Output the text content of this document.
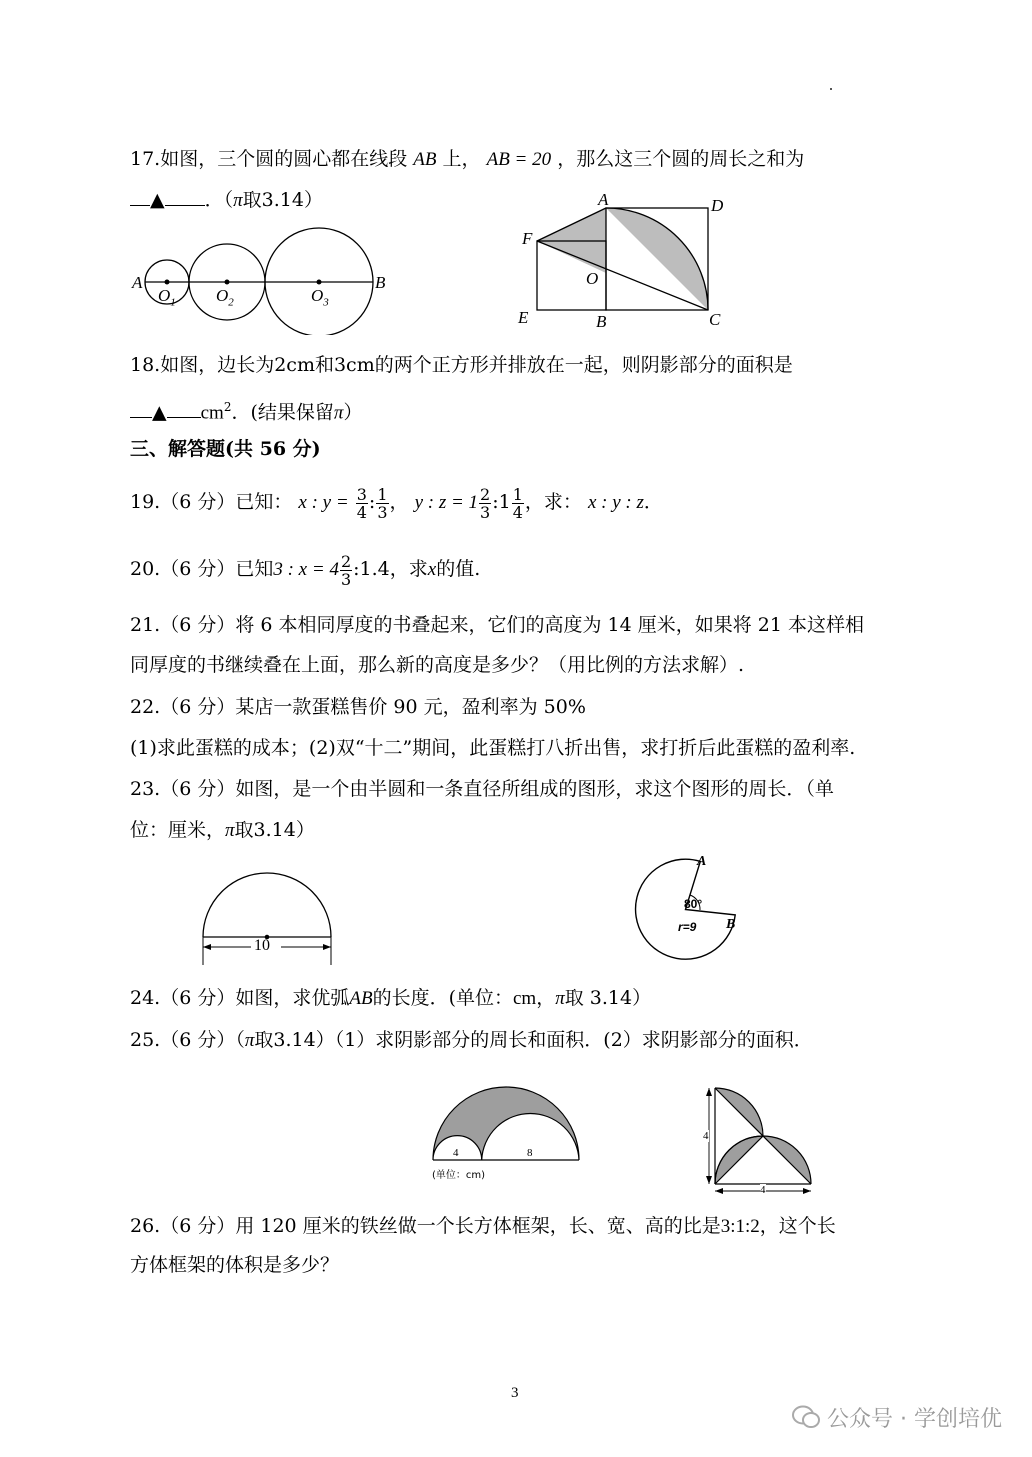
17.如图，三个圆的圆心都在线段 AB 上， AB = 20 ，那么这三个圆的周长之和为
▲ ．（π取3.14）
A	B
$O_1$ $O_2$	$O_3$
A	D
F
O
E	B	C
18.如图，边长为2cm和3cm的两个正方形并排放在一起，则阴影部分的面积是
▲ $cm^2$．(结果保留π）
三、解答题(共 56 分)
19.（6 分）已知： x : $y = \frac{3}{4}$ : $\frac{1}{3}$ ， y : $z = 1 \frac{2}{3}$ :1 $\frac{1}{4}$ ，求： x : y : z．
20.（6 分）已知3 : $x = 4 \frac{2}{3}$ :1.4，求x的值.
21.（6 分）将 6 本相同厚度的书叠起来，它们的高度为 14 厘米，如果将 21 本这样相
同厚度的书继续叠在上面，那么新的高度是多少？（用比例的方法求解）.
22.（6 分）某店一款蛋糕售价 90 元，盈利率为 50%
(1)求此蛋糕的成本；(2)双“十二”期间，此蛋糕打八折出售，求打折后此蛋糕的盈利率.
23.（6 分）如图，是一个由半圆和一条直径所组成的图形，求这个图形的周长．（单
位：厘米，π取3.14）
10
A
B
80°
r=9
24.（6 分）如图，求优弧AB的长度．(单位：cm，π取 3.14）
25.（6 分）（π取3.14）（1）求阴影部分的周长和面积．(2）求阴影部分的面积．
4	8
(单位：cm)
4
4
26.（6 分）用 120 厘米的铁丝做一个长方体框架，长、宽、高的比是3:1:2，这个长
方体框架的体积是多少？
3
公众号 · 学创培优
